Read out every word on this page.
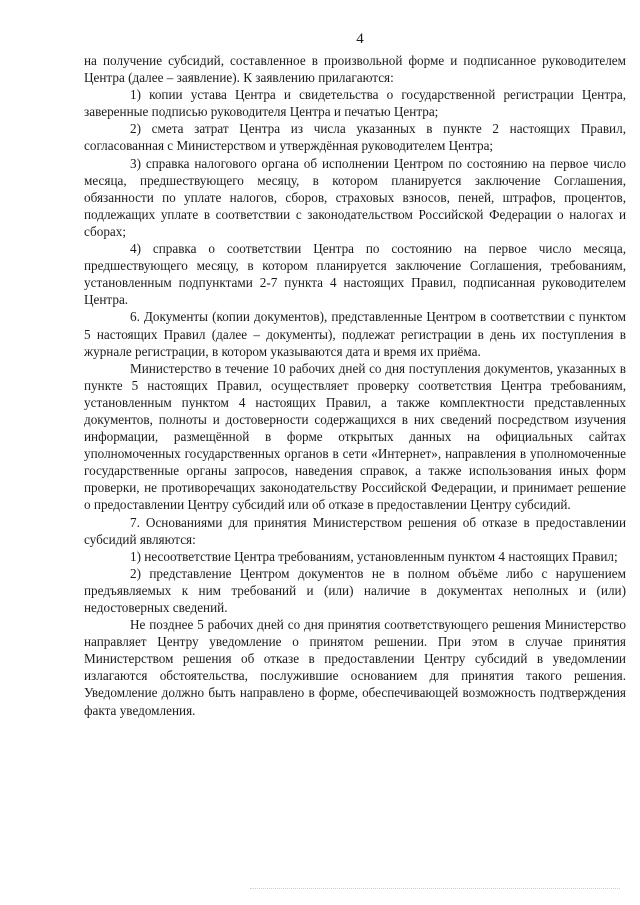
4

на получение субсидий, составленное в произвольной форме и подписанное руководителем Центра (далее – заявление). К заявлению прилагаются:

1) копии устава Центра и свидетельства о государственной регистрации Центра, заверенные подписью руководителя Центра и печатью Центра;

2) смета затрат Центра из числа указанных в пункте 2 настоящих Правил, согласованная с Министерством и утверждённая руководителем Центра;

3) справка налогового органа об исполнении Центром по состоянию на первое число месяца, предшествующего месяцу, в котором планируется заключение Соглашения, обязанности по уплате налогов, сборов, страховых взносов, пеней, штрафов, процентов, подлежащих уплате в соответствии с законодательством Российской Федерации о налогах и сборах;

4) справка о соответствии Центра по состоянию на первое число месяца, предшествующего месяцу, в котором планируется заключение Соглашения, требованиям, установленным подпунктами 2-7 пункта 4 настоящих Правил, подписанная руководителем Центра.

6. Документы (копии документов), представленные Центром в соответствии с пунктом 5 настоящих Правил (далее – документы), подлежат регистрации в день их поступления в журнале регистрации, в котором указываются дата и время их приёма.

Министерство в течение 10 рабочих дней со дня поступления документов, указанных в пункте 5 настоящих Правил, осуществляет проверку соответствия Центра требованиям, установленным пунктом 4 настоящих Правил, а также комплектности представленных документов, полноты и достоверности содержащихся в них сведений посредством изучения информации, размещённой в форме открытых данных на официальных сайтах уполномоченных государственных органов в сети «Интернет», направления в уполномоченные государственные органы запросов, наведения справок, а также использования иных форм проверки, не противоречащих законодательству Российской Федерации, и принимает решение о предоставлении Центру субсидий или об отказе в предоставлении Центру субсидий.

7. Основаниями для принятия Министерством решения об отказе в предоставлении субсидий являются:

1) несоответствие Центра требованиям, установленным пунктом 4 настоящих Правил;

2) представление Центром документов не в полном объёме либо с нарушением предъявляемых к ним требований и (или) наличие в документах неполных и (или) недостоверных сведений.

Не позднее 5 рабочих дней со дня принятия соответствующего решения Министерство направляет Центру уведомление о принятом решении. При этом в случае принятия Министерством решения об отказе в предоставлении Центру субсидий в уведомлении излагаются обстоятельства, послужившие основанием для принятия такого решения. Уведомление должно быть направлено в форме, обеспечивающей возможность подтверждения факта уведомления.
